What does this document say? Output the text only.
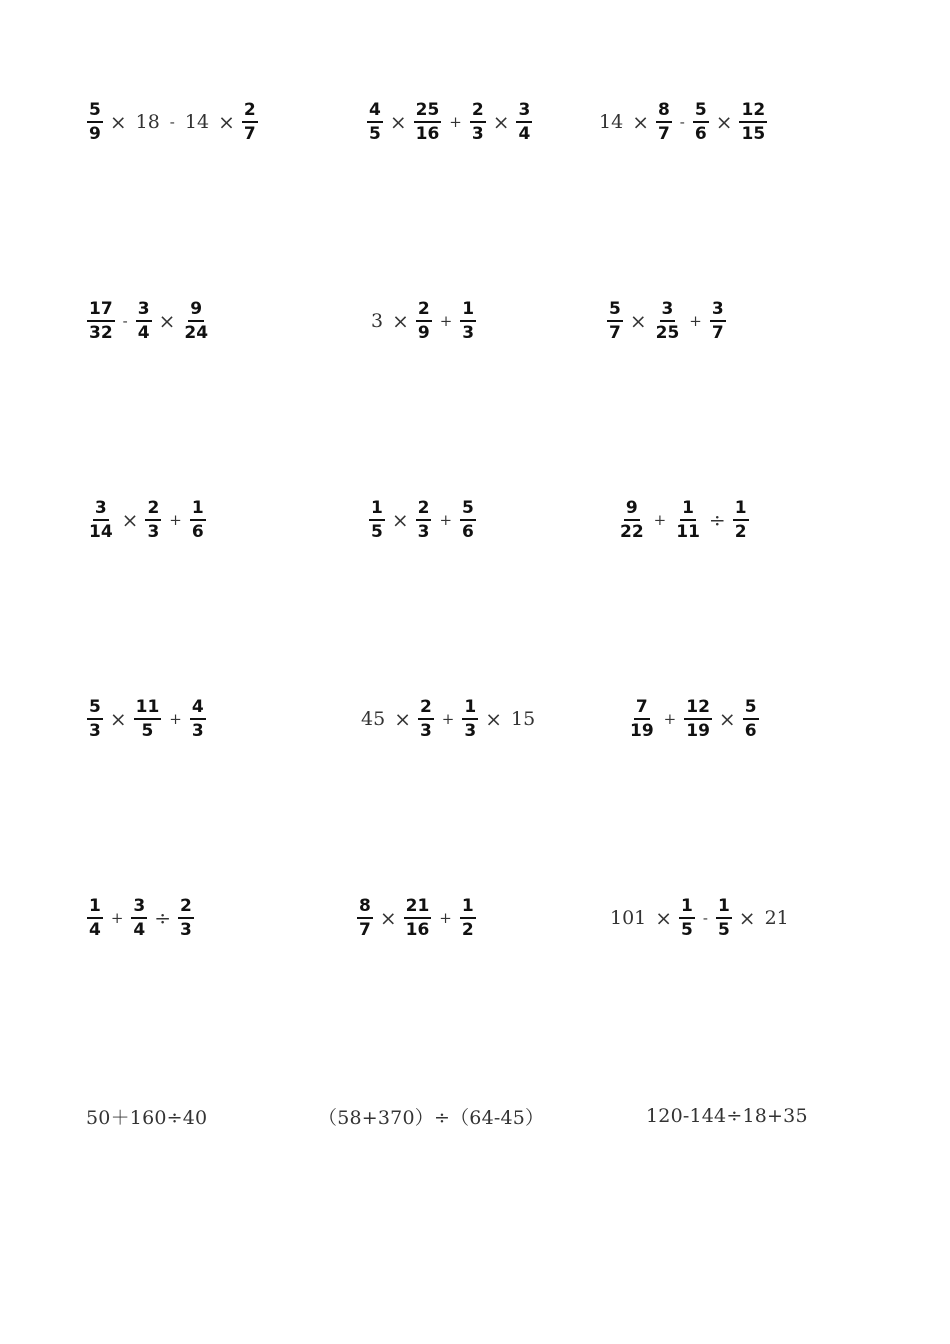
$\frac{5}{9} \times 18 - 14 \times \frac{2}{7}$	$\frac{4}{5} \times \frac{25}{16} + \frac{2}{3} \times \frac{3}{4}$	$14 \times \frac{8}{7} - \frac{5}{6} \times \frac{12}{15}$
$\frac{17}{32} - \frac{3}{4} \times \frac{9}{24}$	$3 \times \frac{2}{9} + \frac{1}{3}$	$\frac{5}{7} \times \frac{3}{25} + \frac{3}{7}$
$\frac{3}{14} \times \frac{2}{3} + \frac{1}{6}$	$\frac{1}{5} \times \frac{2}{3} + \frac{5}{6}$	$\frac{9}{22} + \frac{1}{11} \div \frac{1}{2}$
$\frac{5}{3} \times \frac{11}{5} + \frac{4}{3}$	$45 \times \frac{2}{3} + \frac{1}{3} \times 15$	$\frac{7}{19} + \frac{12}{19} \times \frac{5}{6}$
$\frac{1}{4} + \frac{3}{4} \div \frac{2}{3}$	$\frac{8}{7} \times \frac{21}{16} + \frac{1}{2}$	$101 \times \frac{1}{5} - \frac{1}{5} \times 21$
50＋160÷40	（58+370）÷（64-45）	120-144÷18+35
